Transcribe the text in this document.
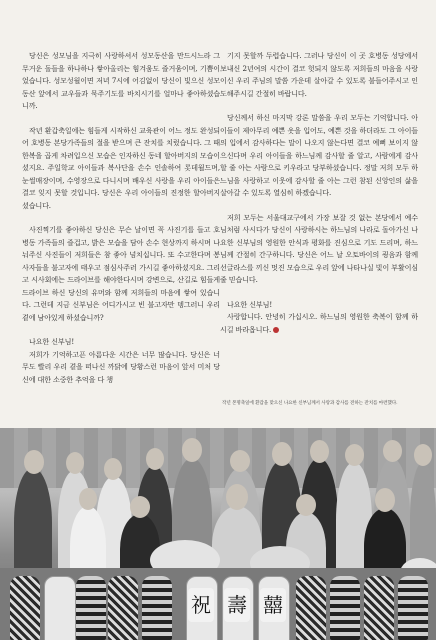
당신은 성모님을 지극히 사랑하셔서 성모동산을 만드시느라 그 무거운 돌들을 하나하나 쌓아올리는 힘겨움도 즐거움이며, 기쁨이었습니다. 성모성월이면 저녁 7시에 어김없이 당신이 빛으신 성모동산 앞에서 교우들과 묵주기도를 바치시기를 얼마나 좋아하셨습니까.

작년 환갑축일에는 힘들게 시작하신 교육관이 어느 정도 완성되어 호병동 본당가족들의 절을 받으며 큰 잔치를 치렀습니다. 그 때 한복을 곱게 차려입으신 모습은 인자하신 동네 할아버지의 모습이셨지요. 주일학교 아이들과 복사단을 손수 인솔하여 롯데월드며, 눈썰매장이며, 수영장으로 다니시며 배우신 사랑을 우리 아이들은 결코 잊지 못할 것입니다. 당신은 우리 아이들의 진정한 할아버지셨습니다.

사진찍기를 좋아하신 당신은 무슨 날이면 꼭 사진기를 들고 호병동 가족들의 즐겁고, 밝은 모습을 담아 손수 현상까지 하시며 나눠주신 사진들이 저희들은 참 좋아 넘치십니다. 또 수고한다며 봉사자들을 불고자에 태우고 점심사주러 가시길 좋아하셨지요. 그리고 시사회에는 드라이브를 해야한다시며 강변으로, 산길로 힘들게 드라이브 하신 당신의 유머와 함께 저희들의 마음에 쌓여 있습니다. 그런데 지금 신부님은 어디가시고 빈 불고자만 뎅그러니 우리 곁에 남아있게 하셨습니까?

나요한 신부님!

저희가 기억하고픈 아름다운 시간은 너무 많습니다. 당신은 너무도 빨리 우리 곁을 떠나신 까닭에 당황스런 마음이 앞서 미처 당신에 대한 소중한 추억을 다 챙

기지 못할까 두렵습니다. 그러나 당신이 이 곳 호병동 성당에서 보내신 2년여의 시간이 결코 헛되지 않도록 저희들의 마음을 사랑이신 우리 주님의 말씀 가운데 살아갈 수 있도록 불들어주시고 인도해주시길 간절히 바랍니다.

당신께서 하신 마지막 강론 말씀을 우리 모두는 기억합니다. 아이들이 제아무리 예쁜 옷을 입어도, 예쁜 것을 하더라도 그 아이들의 입에서 감사하다는 말이 나오지 않는다면 결코 예뻐 보이지 않으신다며 우리 아이들을 하느님께 감사할 줄 알고, 사람에게 감사할 줄 아는 사람으로 키우라고 당부하셨습니다. 정말 저희 모두 하느님을 사랑하고 이웃에 감사할 줄 아는 그런 참된 신앙인의 삶을 살아갈 수 있도록 열심히 하겠습니다.

저희 모두는 서울대교구에서 가장 보잘 것 없는 본당에서 예수님처럼 사시다가 당신이 사랑하시는 하느님의 나라로 돌아가신 나요한 신부님의 영원한 안식과 평화를 진심으로 기도 드리며, 하느님께 간절히 간구하니다. 당신은 어느 날 오토바이의 굉음과 함께 선글라스를 끼신 멋진 모습으로 우리 앞에 나타나실 빛이 부활이심 줄 믿습니다.

나요한 신부님!

사랑합니다. 안녕히 가십시오. 하느님의 영원한 축복이 함께 하시길 바라옵니다.

작년 본명축일에 환갑을 맞으신 나요한 신부님께서 사랑과 감사를 전하는 잔치를 마련했다.
祝 壽 囍
